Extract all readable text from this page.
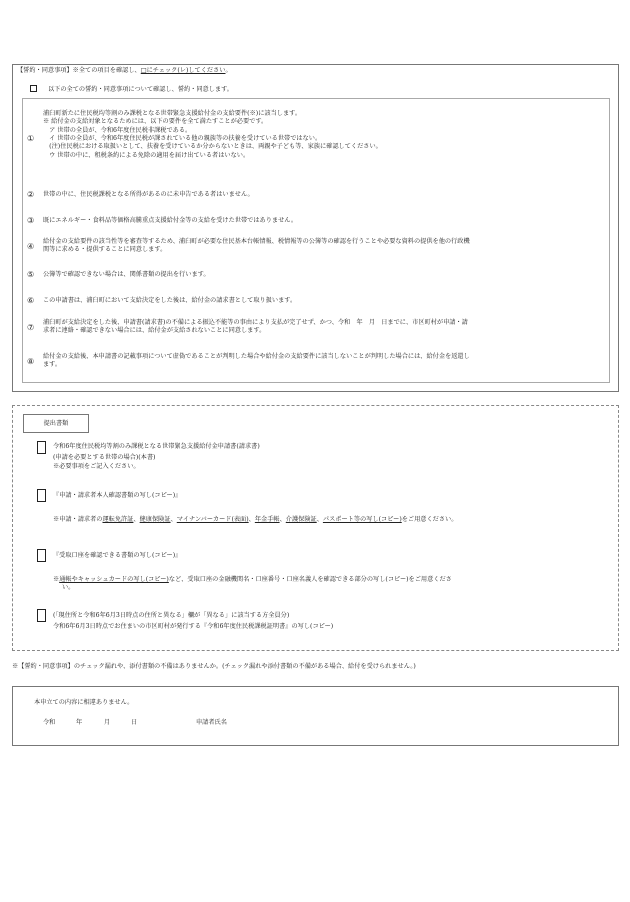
【誓約・同意事項】※全ての項目を確認し、□にチェック(レ)してください。
以下の全ての誓約・同意事項について確認し、誓約・同意します。
①
浦臼町新たに住民税均等割のみ課税となる世帯緊急支援給付金の支給要件(※)に該当します。
※ 給付金の支給対象となるためには、以下の要件を全て満たすことが必要です。
　ア 世帯の全員が、令和6年度住民税非課税である。
　イ 世帯の全員が、令和6年度住民税が課されている他の親族等の扶養を受けている世帯ではない。
　(注)住民税における取扱いとして、扶養を受けているか分からないときは、両親や子ども等、家族に確認してください。
　ウ 世帯の中に、租税条約による免除の適用を届け出ている者はいない。
② 世帯の中に、住民税課税となる所得があるのに未申告である者はいません。
③ 既にエネルギー・食料品等価格高騰重点支援給付金等の支給を受けた世帯ではありません。
④
給付金の支給要件の該当性等を審査等するため、浦臼町が必要な住民基本台帳情報、税情報等の公簿等の確認を行うことや必要な資料の提供を他の行政機
関等に求める・提供することに同意します。
⑤ 公簿等で確認できない場合は、関係書類の提出を行います。
⑥ この申請書は、浦臼町において支給決定をした後は、給付金の請求書として取り扱います。
⑦
浦臼町が支給決定をした後、申請書(請求書)の不備による振込不能等の事由により支払が完了せず、かつ、令和　年　月　日までに、市区町村が申請・請
求者に連絡・確認できない場合には、給付金が支給されないことに同意します。
⑧
給付金の支給後、本申請書の記載事項について虚偽であることが判明した場合や給付金の支給要件に該当しないことが判明した場合には、給付金を返還し
ます。
提出書類
令和6年度住民税均等割のみ課税となる世帯緊急支援給付金申請書(請求書)
(申請を必要とする世帯の場合)(本書)
※必要事項をご記入ください。
『申請・請求者本人確認書類の写し(コピー)』
※申請・請求者の運転免許証、健康保険証、マイナンバーカード(表面)、年金手帳、介護保険証、パスポート等の写し(コピー)をご用意ください。
『受取口座を確認できる書類の写し(コピー)』
※通帳やキャッシュカードの写し(コピー)など、受取口座の金融機関名・口座番号・口座名義人を確認できる部分の写し(コピー)をご用意くださ
い。
(「現住所と令和6年6月3日時点の住所と異なる」欄が「異なる」に該当する方全員分)
令和6年6月3日時点でお住まいの市区町村が発行する『令和6年度住民税課税証明書』の写し(コピー)
※【誓約・同意事項】のチェック漏れや、添付書類の不備はありませんか。(チェック漏れや添付書類の不備がある場合、給付を受けられません。)
本申立ての内容に相違ありません。
令和	年	月	日	申請者氏名
